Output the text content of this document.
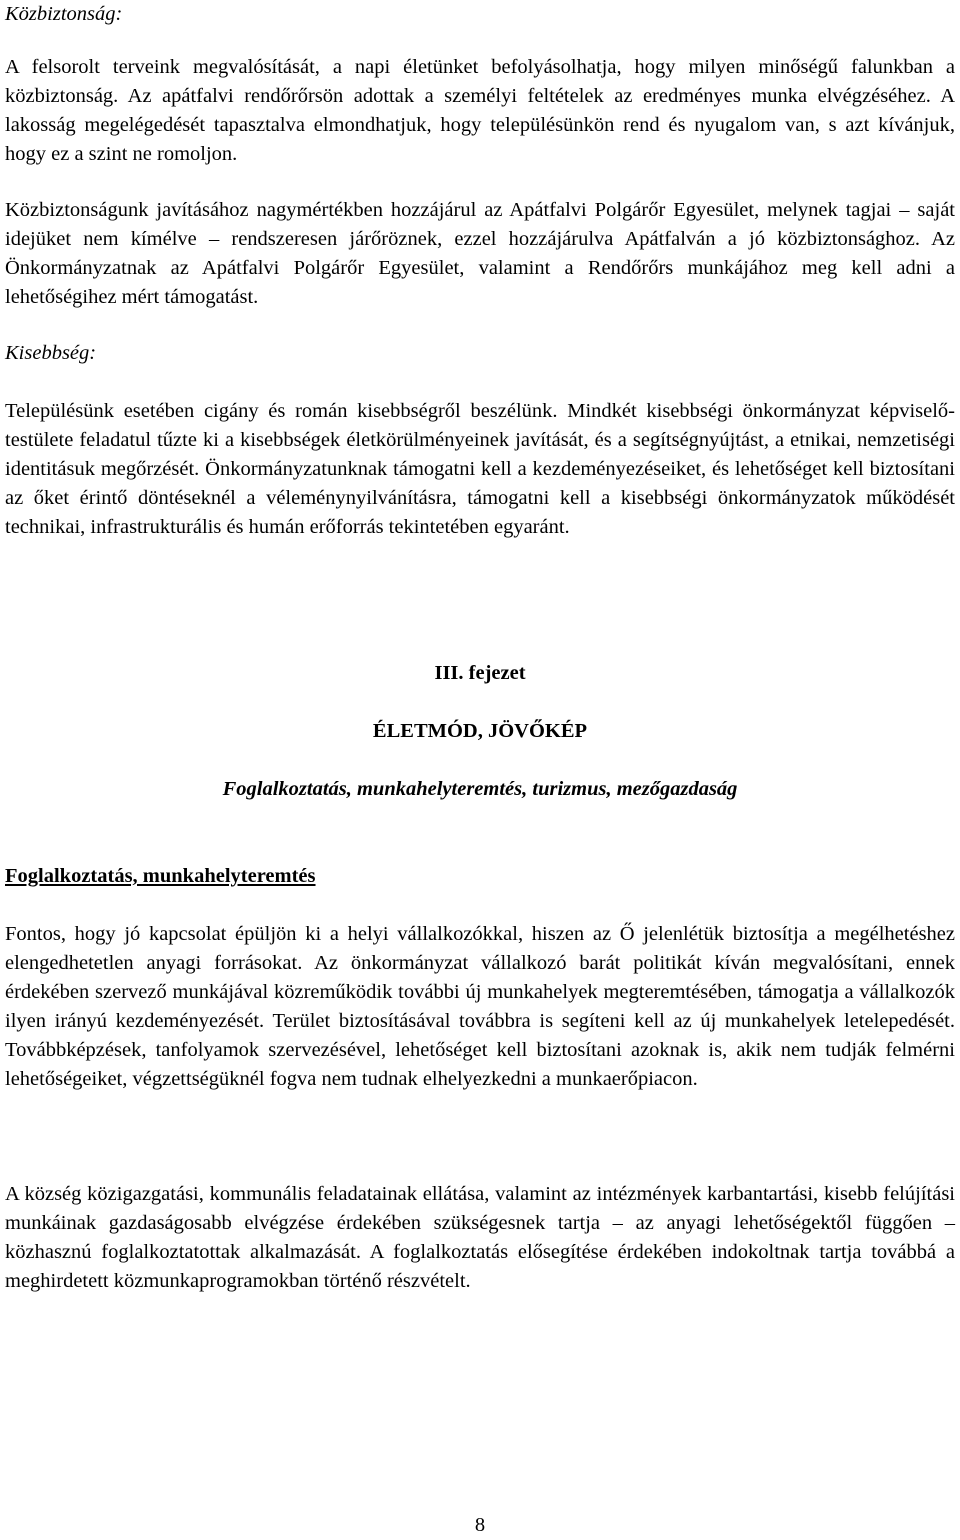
Közbiztonság:

A felsorolt terveink megvalósítását, a napi életünket befolyásolhatja, hogy milyen minőségű falunkban a közbiztonság. Az apátfalvi rendőrőrsön adottak a személyi feltételek az eredményes munka elvégzéséhez. A lakosság megelégedését tapasztalva elmondhatjuk, hogy településünkön rend és nyugalom van, s azt kívánjuk, hogy ez a szint ne romoljon.

Közbiztonságunk javításához nagymértékben hozzájárul az Apátfalvi Polgárőr Egyesület, melynek tagjai – saját idejüket nem kímélve – rendszeresen járőröznek, ezzel hozzájárulva Apátfalván a jó közbiztonsághoz. Az Önkormányzatnak az Apátfalvi Polgárőr Egyesület, valamint a Rendőrőrs munkájához meg kell adni a lehetőségihez mért támogatást.

Kisebbség:

Településünk esetében cigány és román kisebbségről beszélünk. Mindkét kisebbségi önkormányzat képviselő-testülete feladatul tűzte ki a kisebbségek életkörülményeinek javítását, és a segítségnyújtást, a etnikai, nemzetiségi identitásuk megőrzését. Önkormányzatunknak támogatni kell a kezdeményezéseiket, és lehetőséget kell biztosítani az őket érintő döntéseknél a véleménynyilvánításra, támogatni kell a kisebbségi önkormányzatok működését technikai, infrastrukturális és humán erőforrás tekintetében egyaránt.

III. fejezet
ÉLETMÓD, JÖVŐKÉP
Foglalkoztatás, munkahelyteremtés, turizmus, mezőgazdaság
Foglalkoztatás, munkahelyteremtés

Fontos, hogy jó kapcsolat épüljön ki a helyi vállalkozókkal, hiszen az Ő jelenlétük biztosítja a megélhetéshez elengedhetetlen anyagi forrásokat. Az önkormányzat vállalkozó barát politikát kíván megvalósítani, ennek érdekében szervező munkájával közreműködik további új munkahelyek megteremtésében, támogatja a vállalkozók ilyen irányú kezdeményezését. Terület biztosításával továbbra is segíteni kell az új munkahelyek letelepedését. Továbbképzések, tanfolyamok szervezésével, lehetőséget kell biztosítani azoknak is, akik nem tudják felmérni lehetőségeiket, végzettségüknél fogva nem tudnak elhelyezkedni a munkaerőpiacon.

A község közigazgatási, kommunális feladatainak ellátása, valamint az intézmények karbantartási, kisebb felújítási munkáinak gazdaságosabb elvégzése érdekében szükségesnek tartja – az anyagi lehetőségektől függően – közhasznú foglalkoztatottak alkalmazását. A foglalkoztatás elősegítése érdekében indokoltnak tartja továbbá a meghirdetett közmunkaprogramokban történő részvételt.

8
